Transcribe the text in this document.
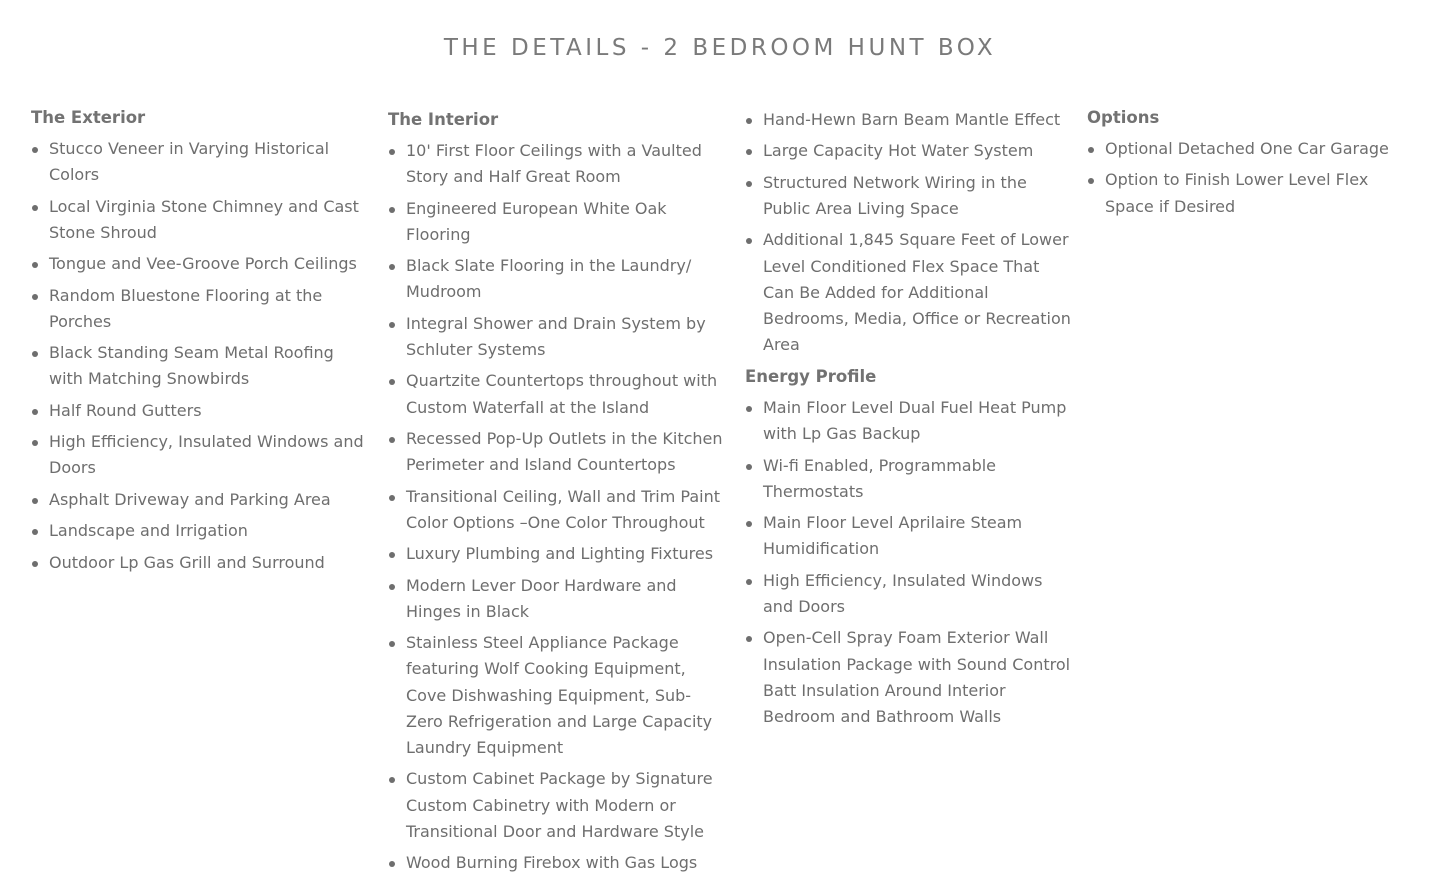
THE DETAILS - 2 BEDROOM HUNT BOX
The Exterior
Stucco Veneer in Varying Historical Colors
Local Virginia Stone Chimney and Cast Stone Shroud
Tongue and Vee-Groove Porch Ceilings
Random Bluestone Flooring at the Porches
Black Standing Seam Metal Roofing with Matching Snowbirds
Half Round Gutters
High Efficiency, Insulated Windows and Doors
Asphalt Driveway and Parking Area
Landscape and Irrigation
Outdoor Lp Gas Grill and Surround
The Interior
10' First Floor Ceilings with a Vaulted Story and Half Great Room
Engineered European White Oak Flooring
Black Slate Flooring in the Laundry/ Mudroom
Integral Shower and Drain System by Schluter Systems
Quartzite Countertops throughout with Custom Waterfall at the Island
Recessed Pop-Up Outlets in the Kitchen Perimeter and Island Countertops
Transitional Ceiling, Wall and Trim Paint Color Options –One Color Throughout
Luxury Plumbing and Lighting Fixtures
Modern Lever Door Hardware and Hinges in Black
Stainless Steel Appliance Package featuring Wolf Cooking Equipment, Cove Dishwashing Equipment, Sub-Zero Refrigeration and Large Capacity Laundry Equipment
Custom Cabinet Package by Signature Custom Cabinetry with Modern or Transitional Door and Hardware Style
Wood Burning Firebox with Gas Logs
Hand-Hewn Barn Beam Mantle Effect
Large Capacity Hot Water System
Structured Network Wiring in the Public Area Living Space
Additional 1,845 Square Feet of Lower Level Conditioned Flex Space That Can Be Added for Additional Bedrooms, Media, Office or Recreation Area
Energy Profile
Main Floor Level Dual Fuel Heat Pump with Lp Gas Backup
Wi-fi Enabled, Programmable Thermostats
Main Floor Level Aprilaire Steam Humidification
High Efficiency, Insulated Windows and Doors
Open-Cell Spray Foam Exterior Wall Insulation Package with Sound Control Batt Insulation Around Interior Bedroom and Bathroom Walls
Options
Optional Detached One Car Garage
Option to Finish Lower Level Flex Space if Desired
